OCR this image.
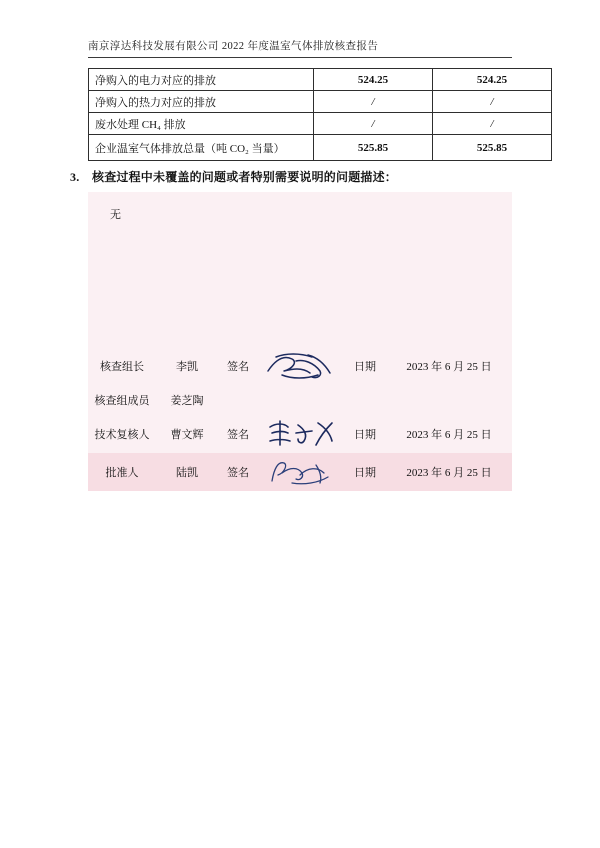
南京淳达科技发展有限公司 2022 年度温室气体排放核查报告
净购入的电力对应的排放	524.25	524.25
净购入的热力对应的排放	/	/
废水处理 CH₄ 排放	/	/
企业温室气体排放总量（吨 CO₂ 当量）	525.85	525.85
3. 核查过程中未覆盖的问题或者特别需要说明的问题描述：
无
核查组长	李凯	签名		日期	2023 年 6 月 25 日
核查组成员	姜芝陶				
技术复核人	曹文辉	签名		日期	2023 年 6 月 25 日
批准人	陆凯	签名		日期	2023 年 6 月 25 日
